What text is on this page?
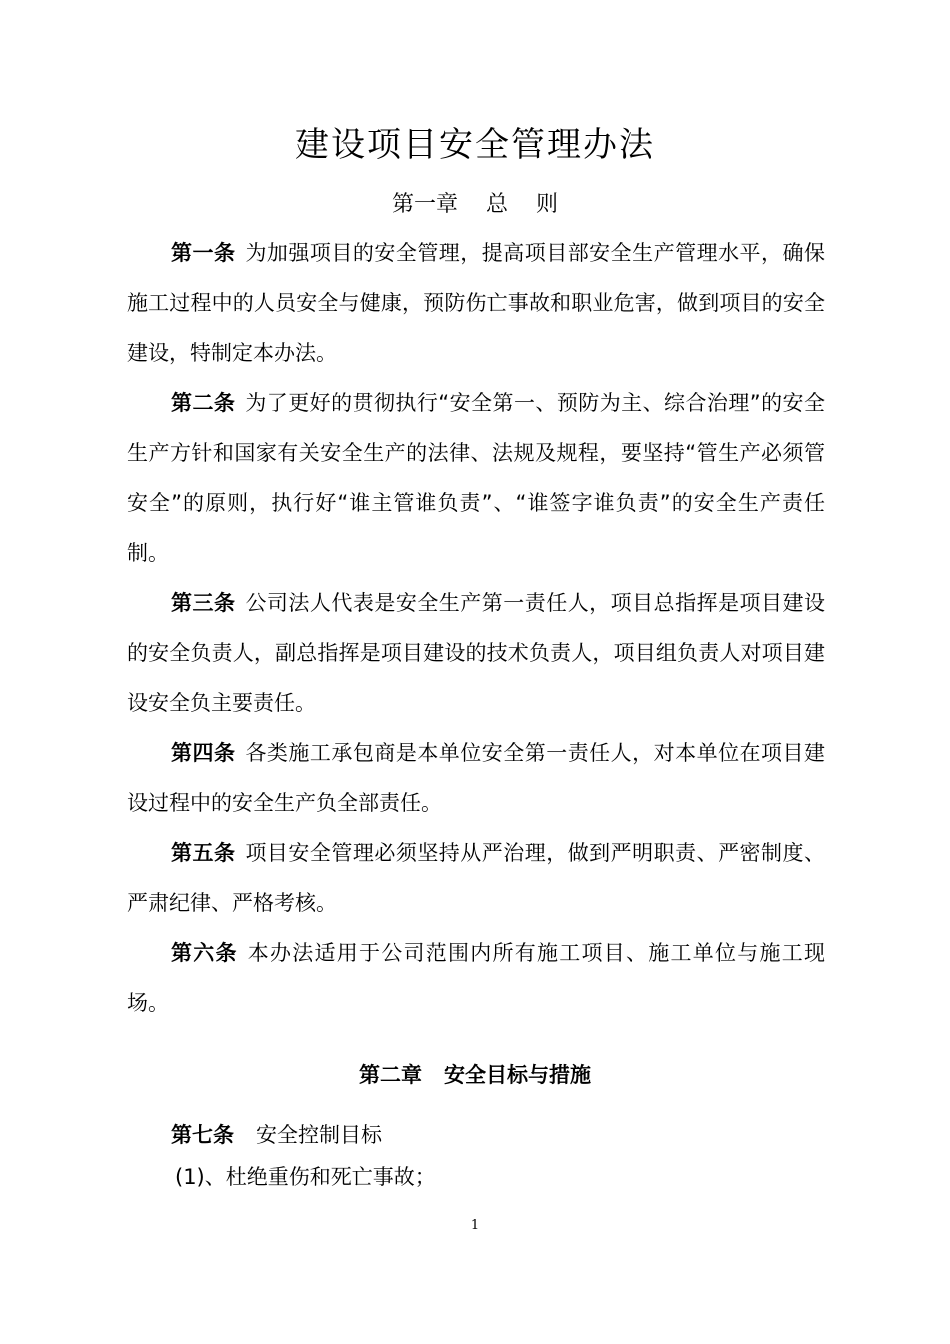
建设项目安全管理办法
第一章 总 则

第一条 为加强项目的安全管理，提高项目部安全生产管理水平，确保施工过程中的人员安全与健康，预防伤亡事故和职业危害，做到项目的安全建设，特制定本办法。

第二条 为了更好的贯彻执行“安全第一、预防为主、综合治理”的安全生产方针和国家有关安全生产的法律、法规及规程，要坚持“管生产必须管安全”的原则，执行好“谁主管谁负责”、“谁签字谁负责”的安全生产责任制。

第三条 公司法人代表是安全生产第一责任人，项目总指挥是项目建设的安全负责人，副总指挥是项目建设的技术负责人，项目组负责人对项目建设安全负主要责任。

第四条 各类施工承包商是本单位安全第一责任人，对本单位在项目建设过程中的安全生产负全部责任。

第五条 项目安全管理必须坚持从严治理，做到严明职责、严密制度、严肃纪律、严格考核。

第六条 本办法适用于公司范围内所有施工项目、施工单位与施工现场。

第二章 安全目标与措施
第七条 安全控制目标
(1)、杜绝重伤和死亡事故；
1
